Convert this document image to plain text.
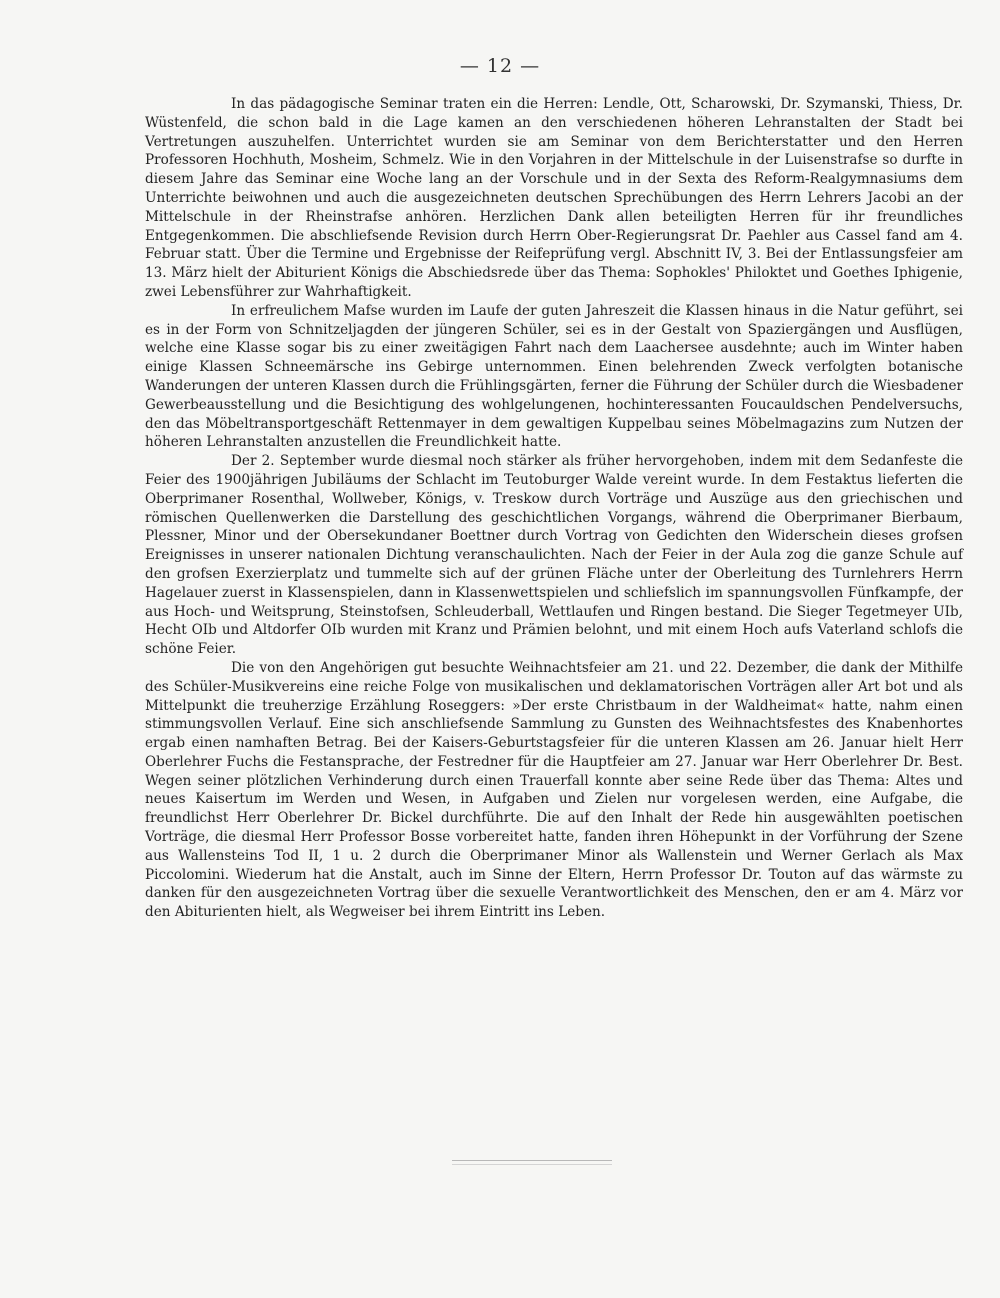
— 12 —

In das pädagogische Seminar traten ein die Herren: Lendle, Ott, Scharowski, Dr. Szymanski, Thiess, Dr. Wüstenfeld, die schon bald in die Lage kamen an den verschiedenen höheren Lehranstalten der Stadt bei Vertretungen auszuhelfen. Unterrichtet wurden sie am Seminar von dem Berichterstatter und den Herren Professoren Hochhuth, Mosheim, Schmelz. Wie in den Vorjahren in der Mittelschule in der Luisenstrafse so durfte in diesem Jahre das Seminar eine Woche lang an der Vorschule und in der Sexta des Reform-Realgymnasiums dem Unterrichte beiwohnen und auch die ausgezeichneten deutschen Sprechübungen des Herrn Lehrers Jacobi an der Mittelschule in der Rheinstrafse anhören. Herzlichen Dank allen beteiligten Herren für ihr freundliches Entgegenkommen. Die abschliefsende Revision durch Herrn Ober-Regierungsrat Dr. Paehler aus Cassel fand am 4. Februar statt. Über die Termine und Ergebnisse der Reifeprüfung vergl. Abschnitt IV, 3. Bei der Entlassungsfeier am 13. März hielt der Abiturient Königs die Abschiedsrede über das Thema: Sophokles' Philoktet und Goethes Iphigenie, zwei Lebensführer zur Wahrhaftigkeit.

In erfreulichem Mafse wurden im Laufe der guten Jahreszeit die Klassen hinaus in die Natur geführt, sei es in der Form von Schnitzeljagden der jüngeren Schüler, sei es in der Gestalt von Spaziergängen und Ausflügen, welche eine Klasse sogar bis zu einer zweitägigen Fahrt nach dem Laachersee ausdehnte; auch im Winter haben einige Klassen Schneemärsche ins Gebirge unternommen. Einen belehrenden Zweck verfolgten botanische Wanderungen der unteren Klassen durch die Frühlingsgärten, ferner die Führung der Schüler durch die Wiesbadener Gewerbeausstellung und die Besichtigung des wohlgelungenen, hochinteressanten Foucauldschen Pendelversuchs, den das Möbeltransportgeschäft Rettenmayer in dem gewaltigen Kuppelbau seines Möbelmagazins zum Nutzen der höheren Lehranstalten anzustellen die Freundlichkeit hatte.

Der 2. September wurde diesmal noch stärker als früher hervorgehoben, indem mit dem Sedanfeste die Feier des 1900jährigen Jubiläums der Schlacht im Teutoburger Walde vereint wurde. In dem Festaktus lieferten die Oberprimaner Rosenthal, Wollweber, Königs, v. Treskow durch Vorträge und Auszüge aus den griechischen und römischen Quellenwerken die Darstellung des geschichtlichen Vorgangs, während die Oberprimaner Bierbaum, Plessner, Minor und der Obersekundaner Boettner durch Vortrag von Gedichten den Widerschein dieses grofsen Ereignisses in unserer nationalen Dichtung veranschaulichten. Nach der Feier in der Aula zog die ganze Schule auf den grofsen Exerzierplatz und tummelte sich auf der grünen Fläche unter der Oberleitung des Turnlehrers Herrn Hagelauer zuerst in Klassenspielen, dann in Klassenwettspielen und schliefslich im spannungsvollen Fünfkampfe, der aus Hoch- und Weitsprung, Steinstofsen, Schleuderball, Wettlaufen und Ringen bestand. Die Sieger Tegetmeyer UIb, Hecht OIb und Altdorfer OIb wurden mit Kranz und Prämien belohnt, und mit einem Hoch aufs Vaterland schlofs die schöne Feier.

Die von den Angehörigen gut besuchte Weihnachtsfeier am 21. und 22. Dezember, die dank der Mithilfe des Schüler-Musikvereins eine reiche Folge von musikalischen und deklamatorischen Vorträgen aller Art bot und als Mittelpunkt die treuherzige Erzählung Roseggers: »Der erste Christbaum in der Waldheimat« hatte, nahm einen stimmungsvollen Verlauf. Eine sich anschliefsende Sammlung zu Gunsten des Weihnachtsfestes des Knabenhortes ergab einen namhaften Betrag. Bei der Kaisers-Geburtstagsfeier für die unteren Klassen am 26. Januar hielt Herr Oberlehrer Fuchs die Festansprache, der Festredner für die Hauptfeier am 27. Januar war Herr Oberlehrer Dr. Best. Wegen seiner plötzlichen Verhinderung durch einen Trauerfall konnte aber seine Rede über das Thema: Altes und neues Kaisertum im Werden und Wesen, in Aufgaben und Zielen nur vorgelesen werden, eine Aufgabe, die freundlichst Herr Oberlehrer Dr. Bickel durchführte. Die auf den Inhalt der Rede hin ausgewählten poetischen Vorträge, die diesmal Herr Professor Bosse vorbereitet hatte, fanden ihren Höhepunkt in der Vorführung der Szene aus Wallensteins Tod II, 1 u. 2 durch die Oberprimaner Minor als Wallenstein und Werner Gerlach als Max Piccolomini. Wiederum hat die Anstalt, auch im Sinne der Eltern, Herrn Professor Dr. Touton auf das wärmste zu danken für den ausgezeichneten Vortrag über die sexuelle Verantwortlichkeit des Menschen, den er am 4. März vor den Abiturienten hielt, als Wegweiser bei ihrem Eintritt ins Leben.
